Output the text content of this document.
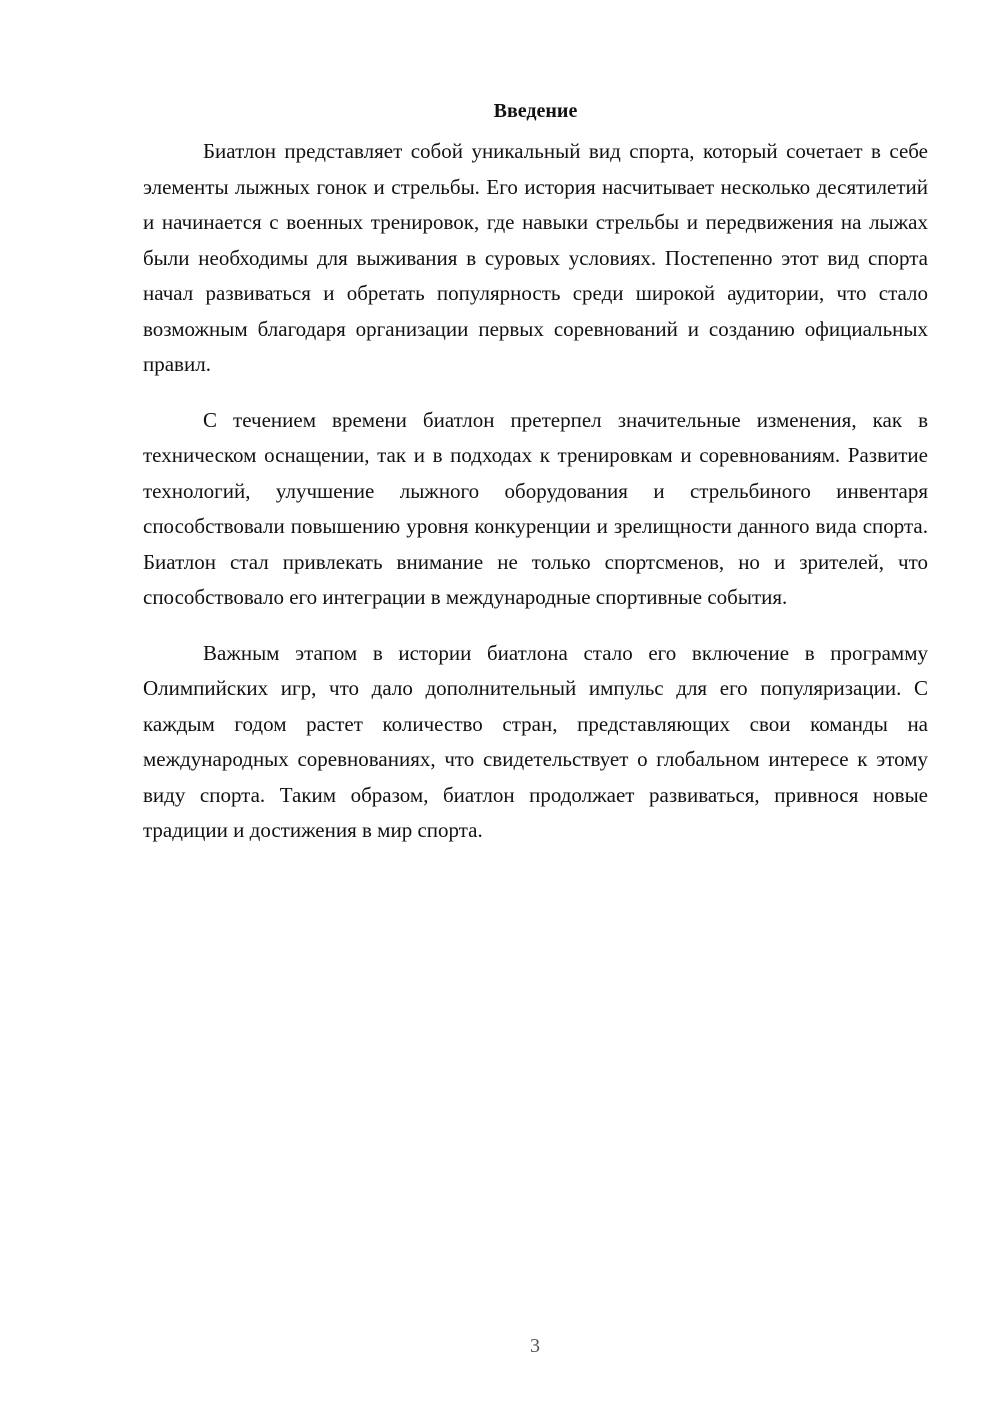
Введение

Биатлон представляет собой уникальный вид спорта, который сочетает в себе элементы лыжных гонок и стрельбы. Его история насчитывает несколько десятилетий и начинается с военных тренировок, где навыки стрельбы и передвижения на лыжах были необходимы для выживания в суровых условиях. Постепенно этот вид спорта начал развиваться и обретать популярность среди широкой аудитории, что стало возможным благодаря организации первых соревнований и созданию официальных правил.

С течением времени биатлон претерпел значительные изменения, как в техническом оснащении, так и в подходах к тренировкам и соревнованиям. Развитие технологий, улучшение лыжного оборудования и стрельбиного инвентаря способствовали повышению уровня конкуренции и зрелищности данного вида спорта. Биатлон стал привлекать внимание не только спортсменов, но и зрителей, что способствовало его интеграции в международные спортивные события.

Важным этапом в истории биатлона стало его включение в программу Олимпийских игр, что дало дополнительный импульс для его популяризации. С каждым годом растет количество стран, представляющих свои команды на международных соревнованиях, что свидетельствует о глобальном интересе к этому виду спорта. Таким образом, биатлон продолжает развиваться, привнося новые традиции и достижения в мир спорта.

3
